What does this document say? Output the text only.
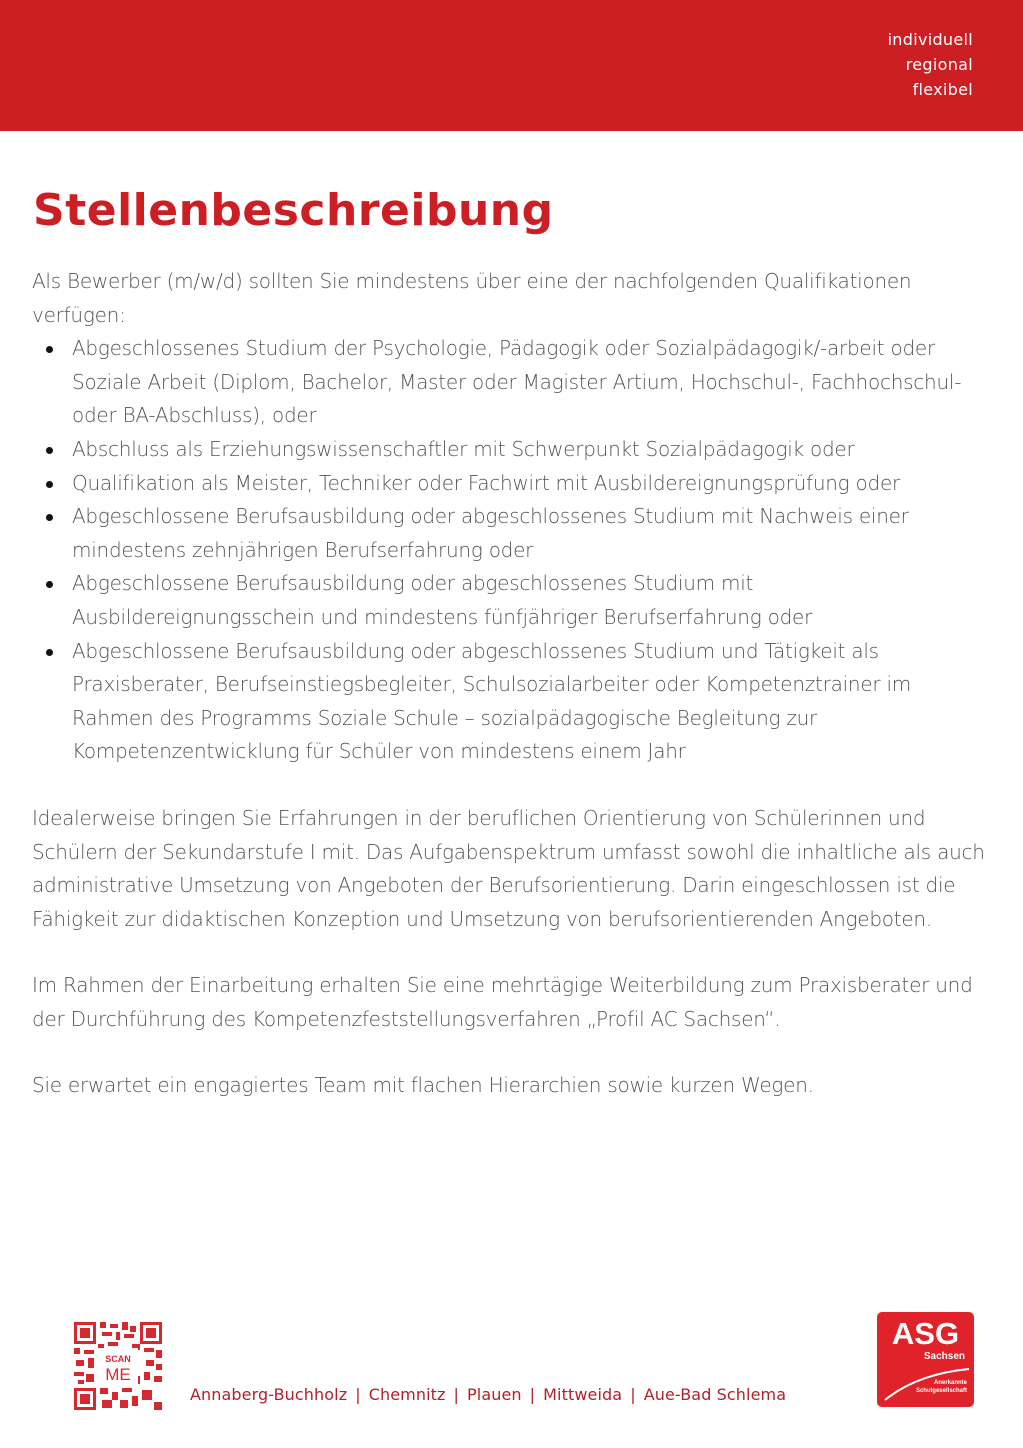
individuell
regional
flexibel
Stellenbeschreibung

Als Bewerber (m/w/d) sollten Sie mindestens über eine der nachfolgenden Qualifikationen verfügen:

Abgeschlossenes Studium der Psychologie, Pädagogik oder Sozialpädagogik/-arbeit oder Soziale Arbeit (Diplom, Bachelor, Master oder Magister Artium, Hochschul-, Fachhochschul- oder BA-Abschluss), oder
Abschluss als Erziehungswissenschaftler mit Schwerpunkt Sozialpädagogik oder
Qualifikation als Meister, Techniker oder Fachwirt mit Ausbildereignungsprüfung oder
Abgeschlossene Berufsausbildung oder abgeschlossenes Studium mit Nachweis einer mindestens zehnjährigen Berufserfahrung oder
Abgeschlossene Berufsausbildung oder abgeschlossenes Studium mit Ausbildereignungsschein und mindestens fünfjähriger Berufserfahrung oder
Abgeschlossene Berufsausbildung oder abgeschlossenes Studium und Tätigkeit als Praxisberater, Berufseinstiegsbegleiter, Schulsozialarbeiter oder Kompetenztrainer im Rahmen des Programms Soziale Schule – sozialpädagogische Begleitung zur Kompetenzentwicklung für Schüler von mindestens einem Jahr

Idealerweise bringen Sie Erfahrungen in der beruflichen Orientierung von Schülerinnen und Schülern der Sekundarstufe I mit. Das Aufgabenspektrum umfasst sowohl die inhaltliche als auch administrative Umsetzung von Angeboten der Berufsorientierung. Darin eingeschlossen ist die Fähigkeit zur didaktischen Konzeption und Umsetzung von berufsorientierenden Angeboten.

Im Rahmen der Einarbeitung erhalten Sie eine mehrtägige Weiterbildung zum Praxisberater und der Durchführung des Kompetenzfeststellungsverfahren „Profil AC Sachsen“.

Sie erwartet ein engagiertes Team mit flachen Hierarchien sowie kurzen Wegen.

SCAN
ME
Annaberg-Buchholz | Chemnitz | Plauen | Mittweida | Aue-Bad Schlema
ASG
Sachsen
Anerkannte
Schulgesellschaft
